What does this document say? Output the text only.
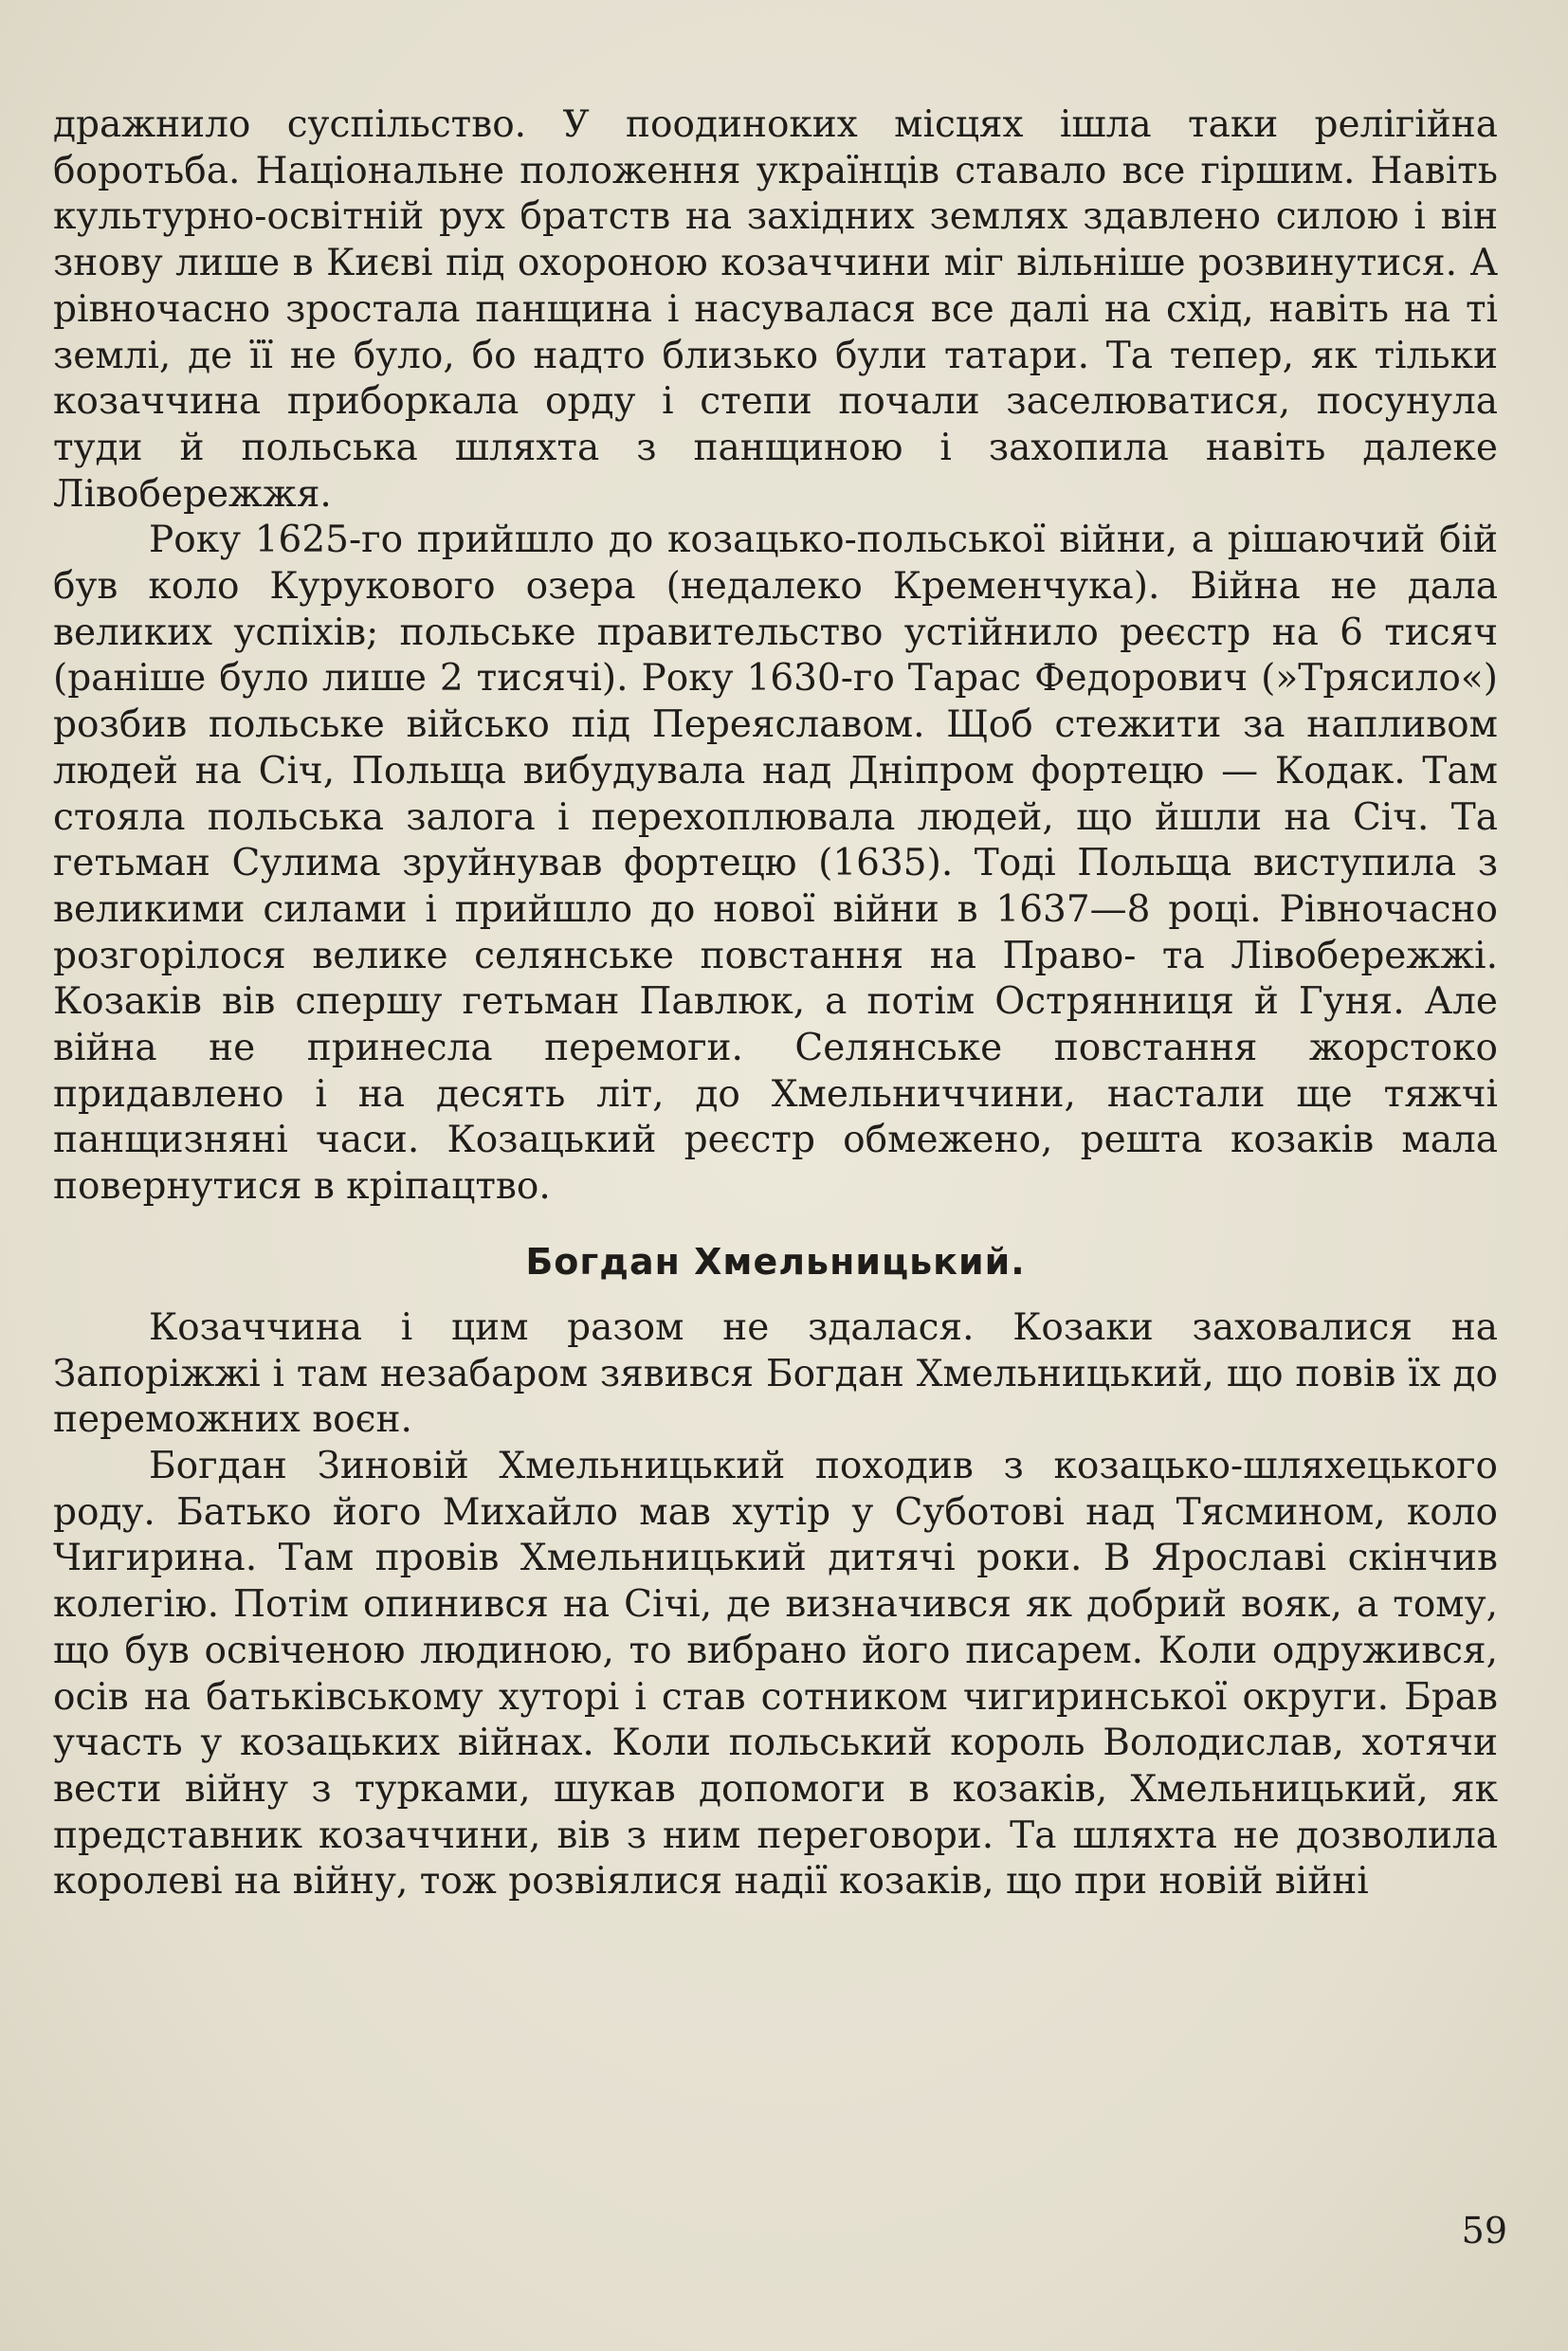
дражнило суспільство. У поодиноких місцях ішла таки релігійна боротьба. Національне положення українців ставало все гіршим. Навіть культурно-освітній рух братств на західних землях здавлено силою і він знову лише в Києві під охороною козаччини міг вільніше розвинутися. А рівночасно зростала панщина і насувалася все далі на схід, навіть на ті землі, де її не було, бо надто близько були татари. Та тепер, як тільки козаччина приборкала орду і степи почали заселюватися, посунула туди й польська шляхта з панщиною і захопила навіть далеке Лівобережжя.

Року 1625-го прийшло до козацько-польської війни, а рішаючий бій був коло Курукового озера (недалеко Кременчука). Війна не дала великих успіхів; польське правительство устійнило реєстр на 6 тисяч (раніше було лише 2 тисячі). Року 1630-го Тарас Федорович (»Трясило«) розбив польське військо під Переяславом. Щоб стежити за напливом людей на Січ, Польща вибудувала над Дніпром фортецю — Кодак. Там стояла польська залога і перехоплювала людей, що йшли на Січ. Та гетьман Сулима зруйнував фортецю (1635). Тоді Польща виступила з великими силами і прийшло до нової війни в 1637—8 році. Рівночасно розгорілося велике селянське повстання на Право- та Лівобережжі. Козаків вів спершу гетьман Павлюк, а потім Острянниця й Гуня. Але війна не принесла перемоги. Селянське повстання жорстоко придавлено і на десять літ, до Хмельниччини, настали ще тяжчі панщизняні часи. Козацький реєстр обмежено, решта козаків мала повернутися в кріпацтво.

Богдан Хмельницький.

Козаччина і цим разом не здалася. Козаки заховалися на Запоріжжі і там незабаром зявився Богдан Хмельницький, що повів їх до переможних воєн.

Богдан Зиновій Хмельницький походив з козацько-шляхецького роду. Батько його Михайло мав хутір у Суботові над Тясмином, коло Чигирина. Там провів Хмельницький дитячі роки. В Ярославі скінчив колегію. Потім опинився на Січі, де визначився як добрий вояк, а тому, що був освіченою людиною, то вибрано його писарем. Коли одружився, осів на батьківському хуторі і став сотником чигиринської округи. Брав участь у козацьких війнах. Коли польський король Володислав, хотячи вести війну з турками, шукав допомоги в козаків, Хмельницький, як представник козаччини, вів з ним переговори. Та шляхта не дозволила королеві на війну, тож розвіялися надії козаків, що при новій війні

59
